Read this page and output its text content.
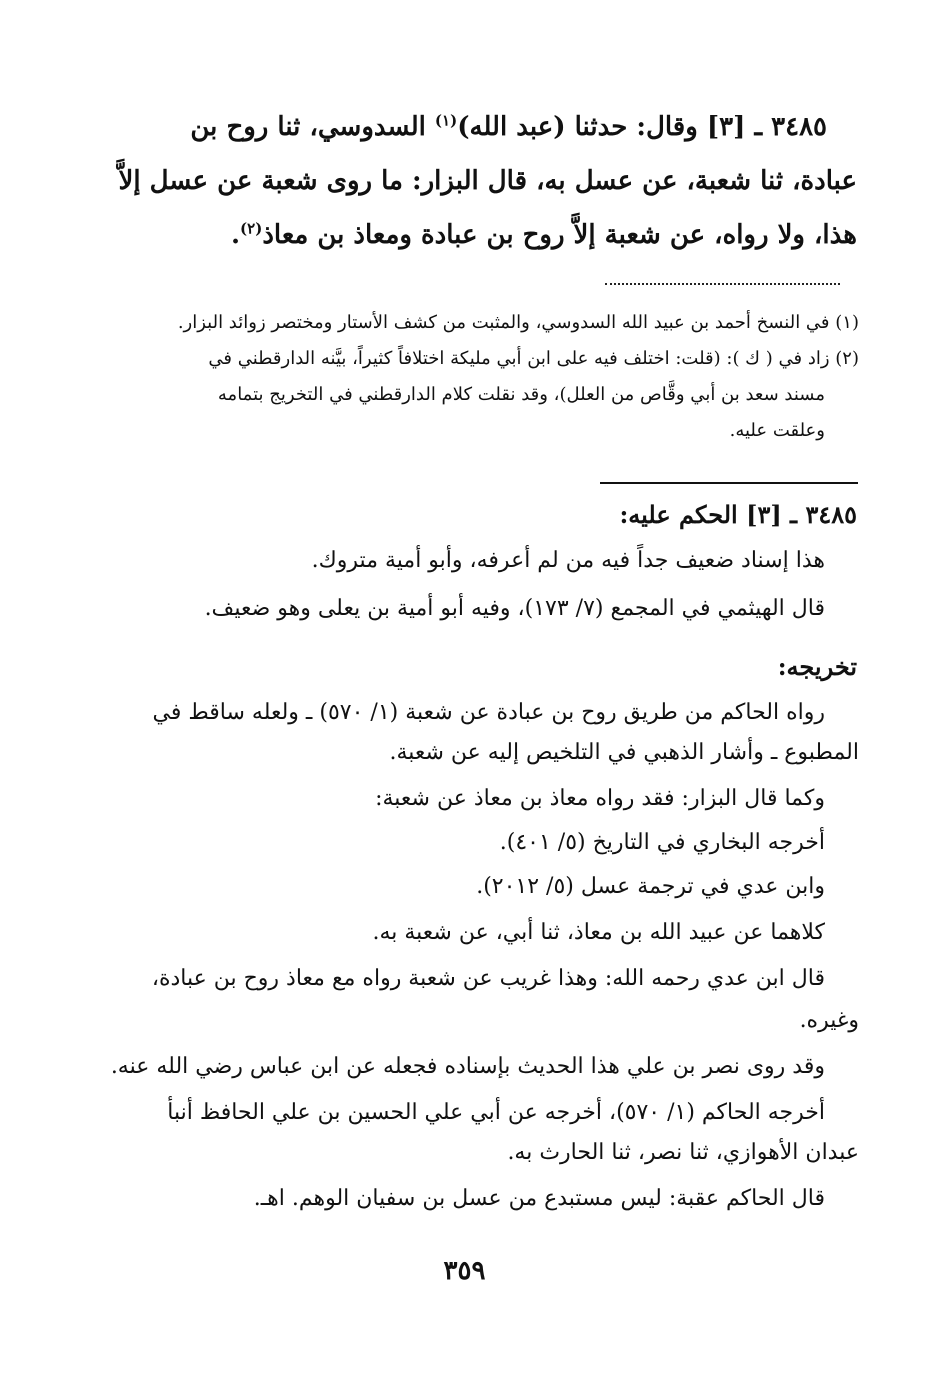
٣٤٨٥ ـ [٣] وقال: حدثنا (عبد الله)$^{(١)}$ السدوسي، ثنا روح بن
عبادة، ثنا شعبة، عن عسل به، قال البزار: ما روى شعبة عن عسل إلاَّ
هذا، ولا رواه، عن شعبة إلاَّ روح بن عبادة ومعاذ بن معاذ$^{(٢)}$.
(١) في النسخ أحمد بن عبيد الله السدوسي، والمثبت من كشف الأستار ومختصر زوائد البزار.
(٢) زاد في ( ك ): (قلت: اختلف فيه على ابن أبي مليكة اختلافاً كثيراً، بيَّنه الدارقطني في
مسند سعد بن أبي وقَّاص من العلل)، وقد نقلت كلام الدارقطني في التخريج بتمامه
وعلقت عليه.
٣٤٨٥ ـ [٣] الحكم عليه:
هذا إسناد ضعيف جداً فيه من لم أعرفه، وأبو أمية متروك.
قال الهيثمي في المجمع (٧/ ١٧٣)، وفيه أبو أمية بن يعلى وهو ضعيف.
تخريجه:
رواه الحاكم من طريق روح بن عبادة عن شعبة (١/ ٥٧٠) ـ ولعله ساقط في
المطبوع ـ وأشار الذهبي في التلخيص إليه عن شعبة.
وكما قال البزار: فقد رواه معاذ بن معاذ عن شعبة:
أخرجه البخاري في التاريخ (٥/ ٤٠١).
وابن عدي في ترجمة عسل (٥/ ٢٠١٢).
كلاهما عن عبيد الله بن معاذ، ثنا أبي، عن شعبة به.
قال ابن عدي رحمه الله: وهذا غريب عن شعبة رواه مع معاذ روح بن عبادة،
وغيره.
وقد روى نصر بن علي هذا الحديث بإسناده فجعله عن ابن عباس رضي الله عنه.
أخرجه الحاكم (١/ ٥٧٠)، أخرجه عن أبي علي الحسين بن علي الحافظ أنبأ
عبدان الأهوازي، ثنا نصر، ثنا الحارث به.
قال الحاكم عقبة: ليس مستبدع من عسل بن سفيان الوهم. اهـ.
٣٥٩
